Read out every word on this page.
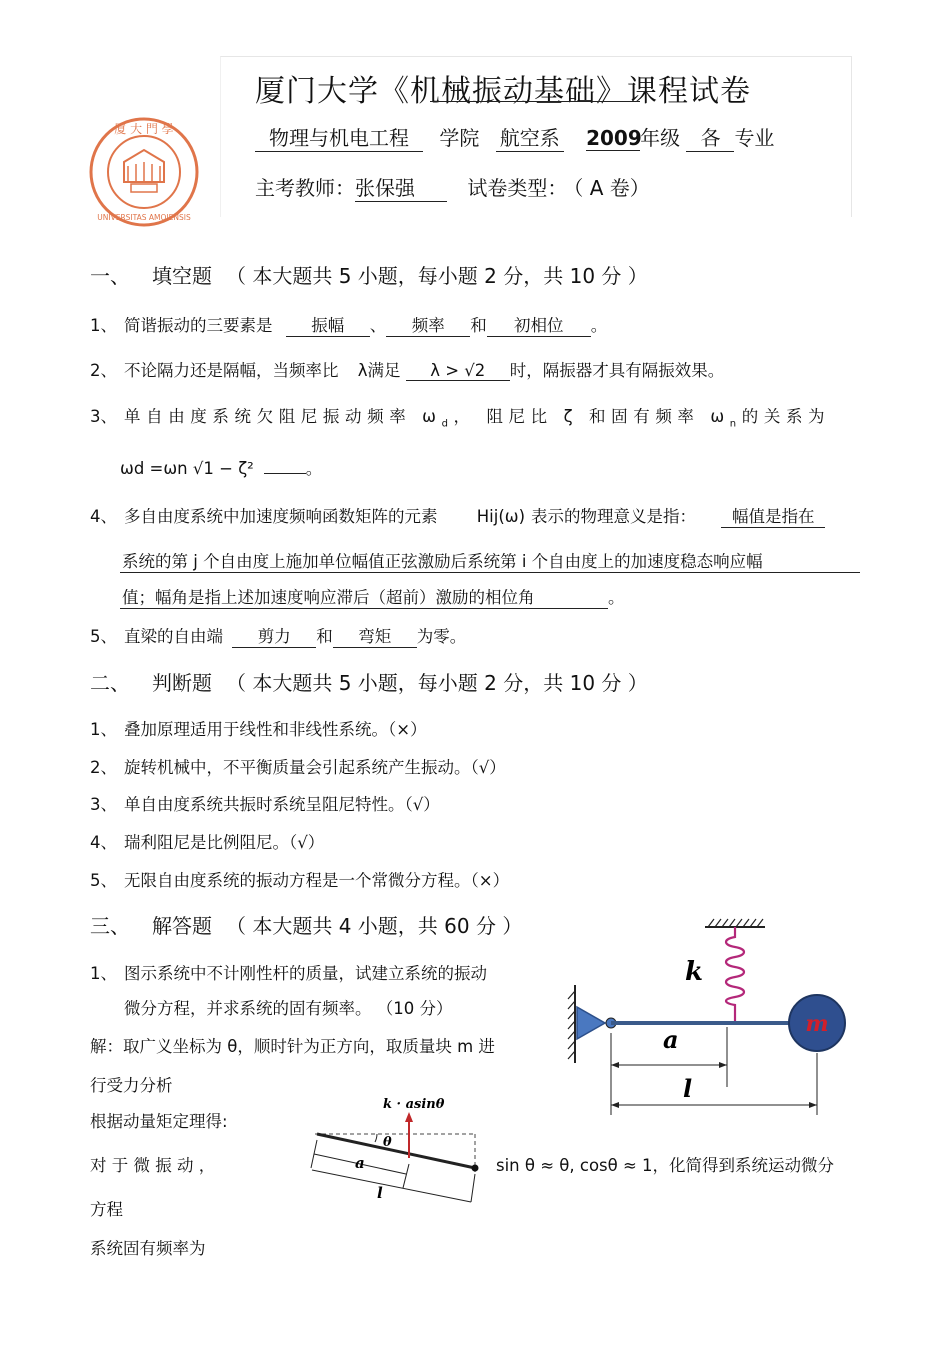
厦 大 門 學
UNIVERSITAS AMOIENSIS
厦门大学《机械振动基础》课程试卷
物理与机电工程 学院 航空系 2009年级 各 专业
主考教师：张保强	试卷类型： （ A 卷）
一、 填空题 （ 本大题共 5 小题，每小题 2 分，共 10 分 ）
1、 简谐振动的三要素是 振幅 、 频率 和 初相位 。
2、 不论隔力还是隔幅，当频率比 λ满足 λ > √2 时，隔振器才具有隔振效果。
3、 单自由度系统欠阻尼振动频率 $\omega_d$， 阻尼比 ζ 和固有频率 $\omega_n$的关系为
ωd =ωn √1 − ζ²	。
4、 多自由度系统中加速度频响函数矩阵的元素 Hij(ω) 表示的物理意义是指： 幅值是指在
系统的第 j 个自由度上施加单位幅值正弦激励后系统第 i 个自由度上的加速度稳态响应幅
值；幅角是指上述加速度响应滞后（超前）激励的相位角	。
5、 直梁的自由端 剪力 和 弯矩 为零。
二、 判断题 （ 本大题共 5 小题，每小题 2 分，共 10 分 ）
1、 叠加原理适用于线性和非线性系统。（×）
2、 旋转机械中，不平衡质量会引起系统产生振动。（√）
3、 单自由度系统共振时系统呈阻尼特性。（√）
4、 瑞利阻尼是比例阻尼。（√）
5、 无限自由度系统的振动方程是一个常微分方程。（×）
三、 解答题 （ 本大题共 4 小题，共 60 分 ）
1、 图示系统中不计刚性杆的质量，试建立系统的振动
微分方程，并求系统的固有频率。 （10 分）
解：取广义坐标为 θ，顺时针为正方向，取质量块 m 进
行受力分析
根据动量矩定理得:
对 于 微 振 动 ，	sin θ ≈ θ, cosθ ≈ 1，化简得到系统运动微分
方程
系统固有频率为
k
m
a
l
k · asinθ
θ
a
l
